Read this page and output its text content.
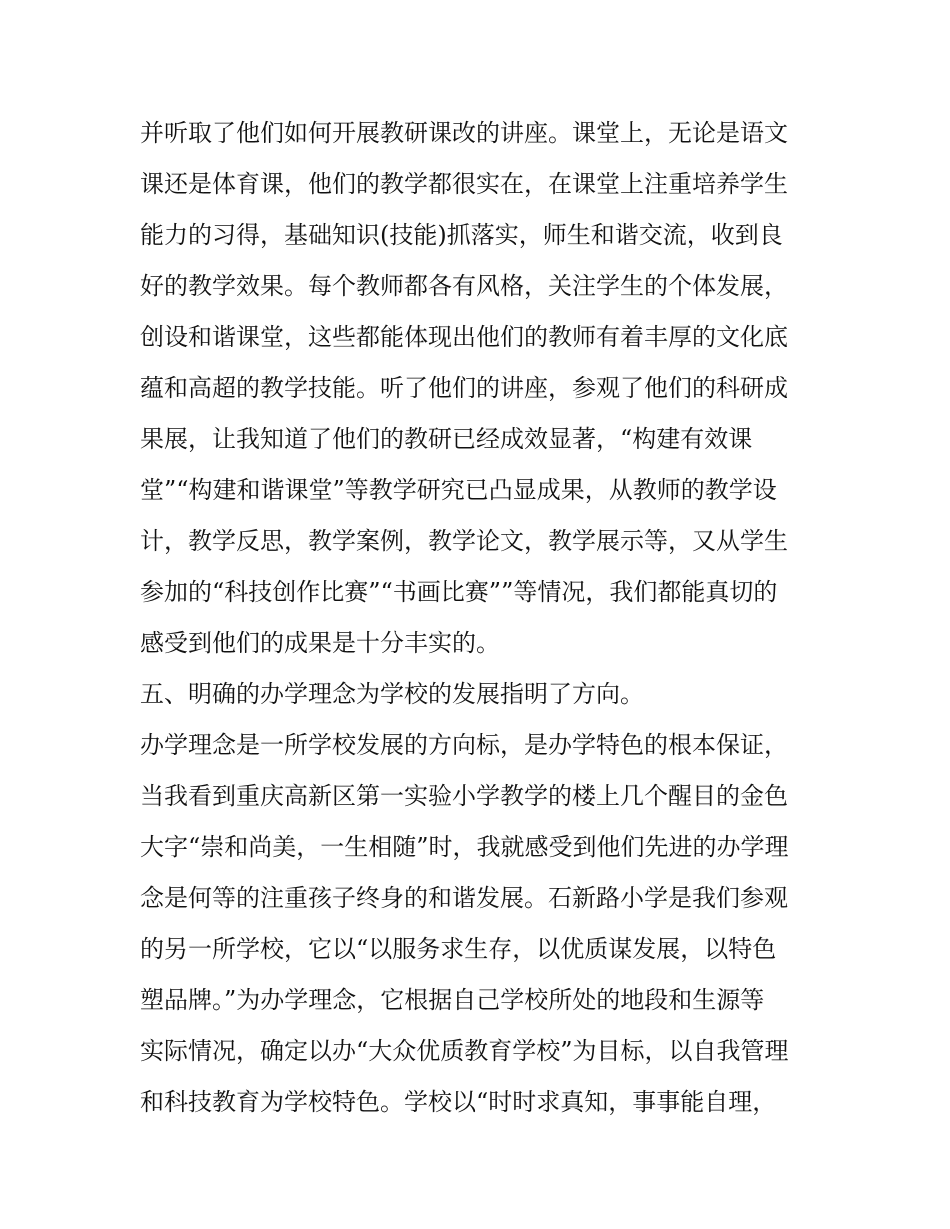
并听取了他们如何开展教研课改的讲座。课堂上，无论是语文
课还是体育课，他们的教学都很实在，在课堂上注重培养学生
能力的习得，基础知识(技能)抓落实，师生和谐交流，收到良
好的教学效果。每个教师都各有风格，关注学生的个体发展，
创设和谐课堂，这些都能体现出他们的教师有着丰厚的文化底
蕴和高超的教学技能。听了他们的讲座，参观了他们的科研成
果展，让我知道了他们的教研已经成效显著，“构建有效课
堂”“构建和谐课堂”等教学研究已凸显成果，从教师的教学设
计，教学反思，教学案例，教学论文，教学展示等，又从学生
参加的“科技创作比赛”“书画比赛””等情况，我们都能真切的
感受到他们的成果是十分丰实的。
五、明确的办学理念为学校的发展指明了方向。
办学理念是一所学校发展的方向标，是办学特色的根本保证，
当我看到重庆高新区第一实验小学教学的楼上几个醒目的金色
大字“崇和尚美，一生相随”时，我就感受到他们先进的办学理
念是何等的注重孩子终身的和谐发展。石新路小学是我们参观
的另一所学校，它以“以服务求生存，以优质谋发展，以特色
塑品牌。”为办学理念，它根据自己学校所处的地段和生源等
实际情况，确定以办“大众优质教育学校”为目标，以自我管理
和科技教育为学校特色。学校以“时时求真知，事事能自理，
